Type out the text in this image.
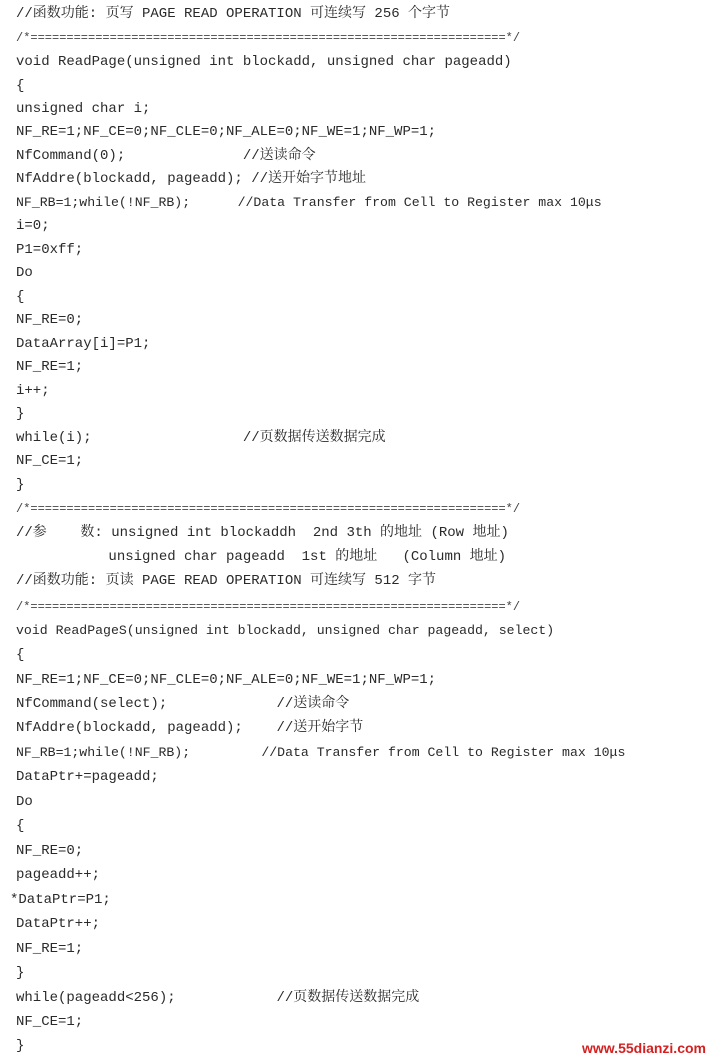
//函数功能: 页写 PAGE READ OPERATION 可连续写 256 个字节
/*==================================================================*/
void ReadPage(unsigned int blockadd, unsigned char pageadd)
{
unsigned char i;
NF_RE=1;NF_CE=0;NF_CLE=0;NF_ALE=0;NF_WE=1;NF_WP=1;
NfCommand(0);              //送读命令
NfAddre(blockadd, pageadd); //送开始字节地址
NF_RB=1;while(!NF_RB);      //Data Transfer from Cell to Register max 10μs
i=0;
P1=0xff;
Do
{
NF_RE=0;
DataArray[i]=P1;
NF_RE=1;
i++;
}
while(i);                  //页数据传送数据完成
NF_CE=1;
}
/*==================================================================*/
//参    数: unsigned int blockaddh  2nd 3th 的地址 (Row 地址)
unsigned char pageadd  1st 的地址   (Column 地址)
//函数功能: 页读 PAGE READ OPERATION 可连续写 512 字节
/*==================================================================*/
void ReadPageS(unsigned int blockadd, unsigned char pageadd, select)
{
NF_RE=1;NF_CE=0;NF_CLE=0;NF_ALE=0;NF_WE=1;NF_WP=1;
NfCommand(select);             //送读命令
NfAddre(blockadd, pageadd);    //送开始字节
NF_RB=1;while(!NF_RB);         //Data Transfer from Cell to Register max 10μs
DataPtr+=pageadd;
Do
{
NF_RE=0;
pageadd++;
*DataPtr=P1;
DataPtr++;
NF_RE=1;
}
while(pageadd<256);            //页数据传送数据完成
NF_CE=1;
}	www.55dianzi.com
